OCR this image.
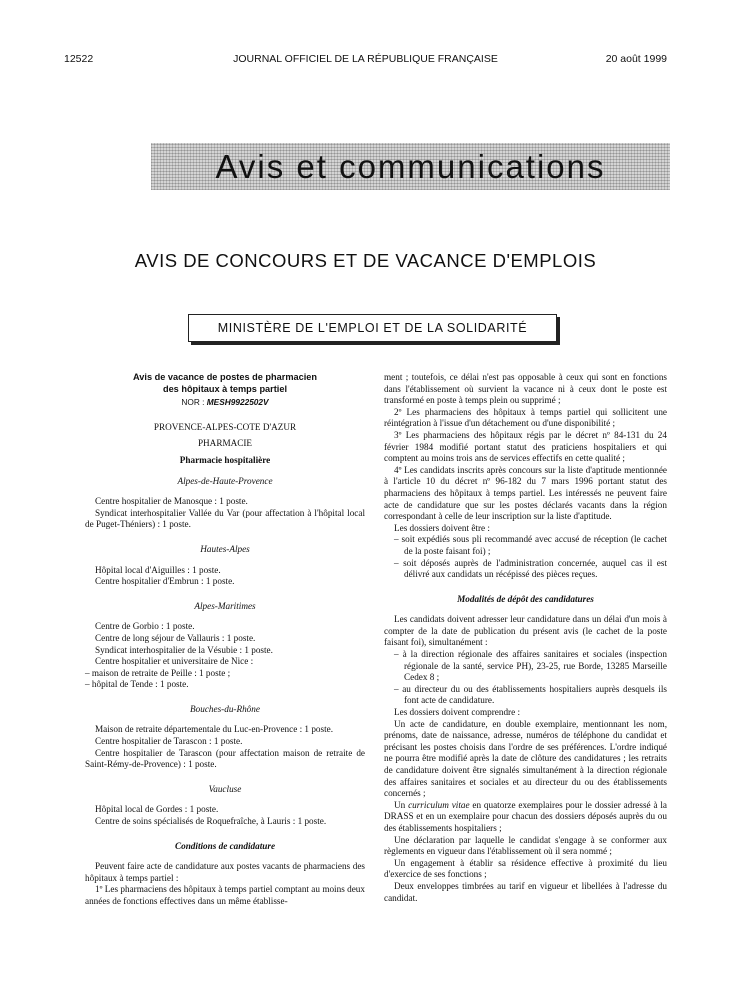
12522	JOURNAL OFFICIEL DE LA RÉPUBLIQUE FRANÇAISE	20 août 1999
Avis et communications
AVIS DE CONCOURS ET DE VACANCE D'EMPLOIS
MINISTÈRE DE L'EMPLOI ET DE LA SOLIDARITÉ
Avis de vacance de postes de pharmacien
des hôpitaux à temps partiel
NOR : MESH9922502V
PROVENCE-ALPES-COTE D'AZUR
PHARMACIE
Pharmacie hospitalière
Alpes-de-Haute-Provence
Centre hospitalier de Manosque : 1 poste.
Syndicat interhospitalier Vallée du Var (pour affectation à l'hôpital local de Puget-Théniers) : 1 poste.
Hautes-Alpes
Hôpital local d'Aiguilles : 1 poste.
Centre hospitalier d'Embrun : 1 poste.
Alpes-Maritimes
Centre de Gorbio : 1 poste.
Centre de long séjour de Vallauris : 1 poste.
Syndicat interhospitalier de la Vésubie : 1 poste.
Centre hospitalier et universitaire de Nice :
– maison de retraite de Peille : 1 poste ;
– hôpital de Tende : 1 poste.
Bouches-du-Rhône
Maison de retraite départementale du Luc-en-Provence : 1 poste.
Centre hospitalier de Tarascon : 1 poste.
Centre hospitalier de Tarascon (pour affectation maison de retraite de Saint-Rémy-de-Provence) : 1 poste.
Vaucluse
Hôpital local de Gordes : 1 poste.
Centre de soins spécialisés de Roquefraîche, à Lauris : 1 poste.
Conditions de candidature
Peuvent faire acte de candidature aux postes vacants de pharmaciens des hôpitaux à temps partiel :
1º Les pharmaciens des hôpitaux à temps partiel comptant au moins deux années de fonctions effectives dans un même établisse-
ment ; toutefois, ce délai n'est pas opposable à ceux qui sont en fonctions dans l'établissement où survient la vacance ni à ceux dont le poste est transformé en poste à temps plein ou supprimé ;
2º Les pharmaciens des hôpitaux à temps partiel qui sollicitent une réintégration à l'issue d'un détachement ou d'une disponibilité ;
3º Les pharmaciens des hôpitaux régis par le décret nº 84-131 du 24 février 1984 modifié portant statut des praticiens hospitaliers et qui comptent au moins trois ans de services effectifs en cette qualité ;
4º Les candidats inscrits après concours sur la liste d'aptitude mentionnée à l'article 10 du décret nº 96-182 du 7 mars 1996 portant statut des pharmaciens des hôpitaux à temps partiel. Les intéressés ne peuvent faire acte de candidature que sur les postes déclarés vacants dans la région correspondant à celle de leur inscription sur la liste d'aptitude.
Les dossiers doivent être :
– soit expédiés sous pli recommandé avec accusé de réception (le cachet de la poste faisant foi) ;
– soit déposés auprès de l'administration concernée, auquel cas il est délivré aux candidats un récépissé des pièces reçues.
Modalités de dépôt des candidatures
Les candidats doivent adresser leur candidature dans un délai d'un mois à compter de la date de publication du présent avis (le cachet de la poste faisant foi), simultanément :
– à la direction régionale des affaires sanitaires et sociales (inspection régionale de la santé, service PH), 23-25, rue Borde, 13285 Marseille Cedex 8 ;
– au directeur du ou des établissements hospitaliers auprès desquels ils font acte de candidature.
Les dossiers doivent comprendre :
Un acte de candidature, en double exemplaire, mentionnant les nom, prénoms, date de naissance, adresse, numéros de téléphone du candidat et précisant les postes choisis dans l'ordre de ses préférences. L'ordre indiqué ne pourra être modifié après la date de clôture des candidatures ; les retraits de candidature doivent être signalés simultanément à la direction régionale des affaires sanitaires et sociales et au directeur du ou des établissements concernés ;
Un curriculum vitae en quatorze exemplaires pour le dossier adressé à la DRASS et en un exemplaire pour chacun des dossiers déposés auprès du ou des établissements hospitaliers ;
Une déclaration par laquelle le candidat s'engage à se conformer aux règlements en vigueur dans l'établissement où il sera nommé ;
Un engagement à établir sa résidence effective à proximité du lieu d'exercice de ses fonctions ;
Deux enveloppes timbrées au tarif en vigueur et libellées à l'adresse du candidat.
